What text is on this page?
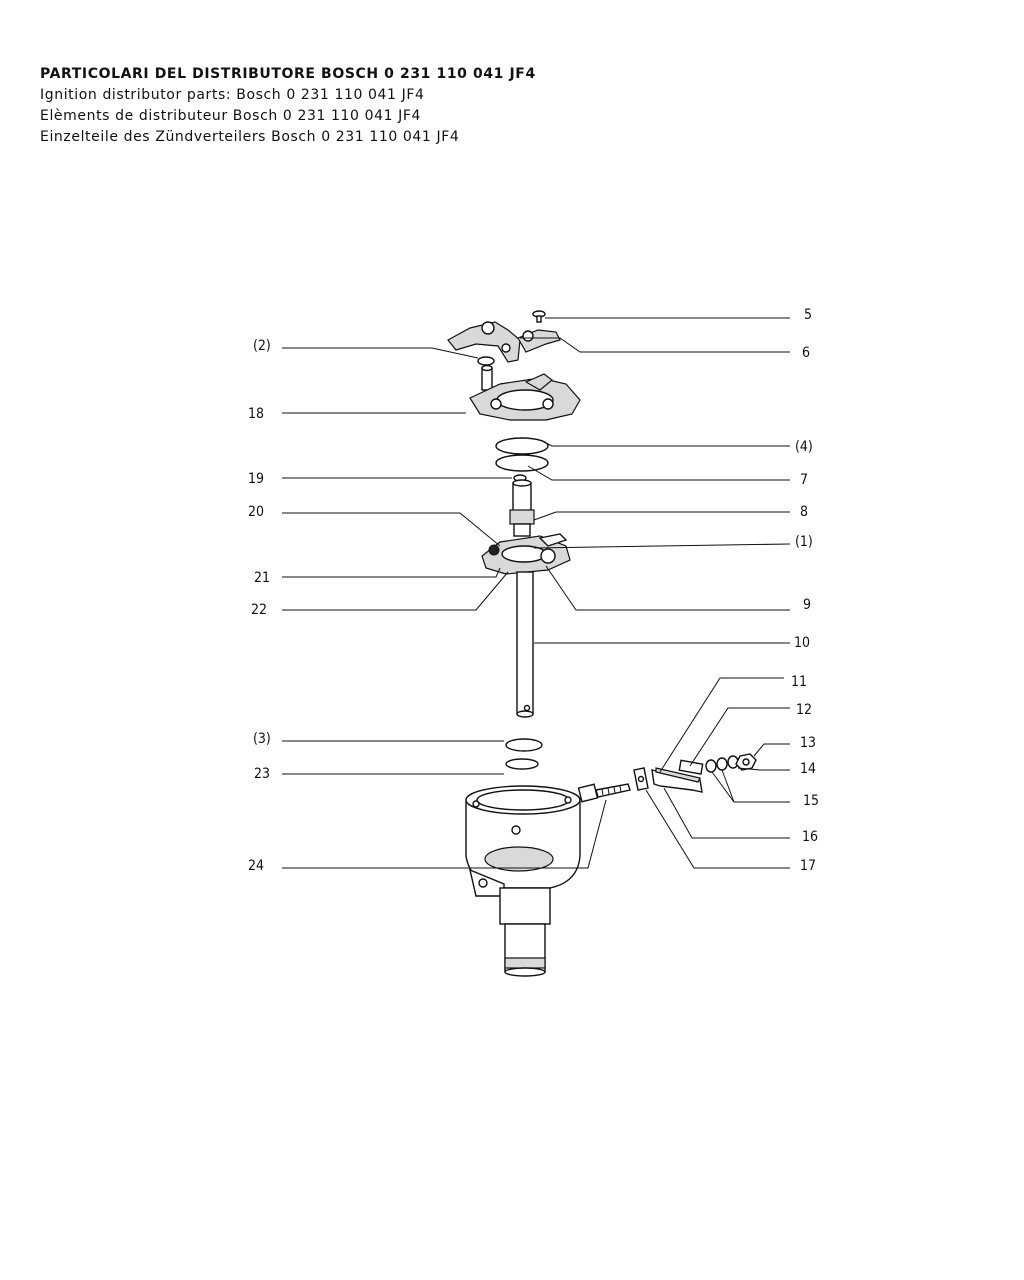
PARTICOLARI DEL DISTRIBUTORE BOSCH 0 231 110 041 JF4
Ignition distributor parts: Bosch 0 231 110 041 JF4
Elèments de distributeur Bosch 0 231 110 041 JF4
Einzelteile des Zündverteilers Bosch 0 231 110 041 JF4
5
6
(2)
18
(4)
19	7
20	8
(1)
21
22	9
10
11
12
(3)	13
23	14
15
16
24	17
